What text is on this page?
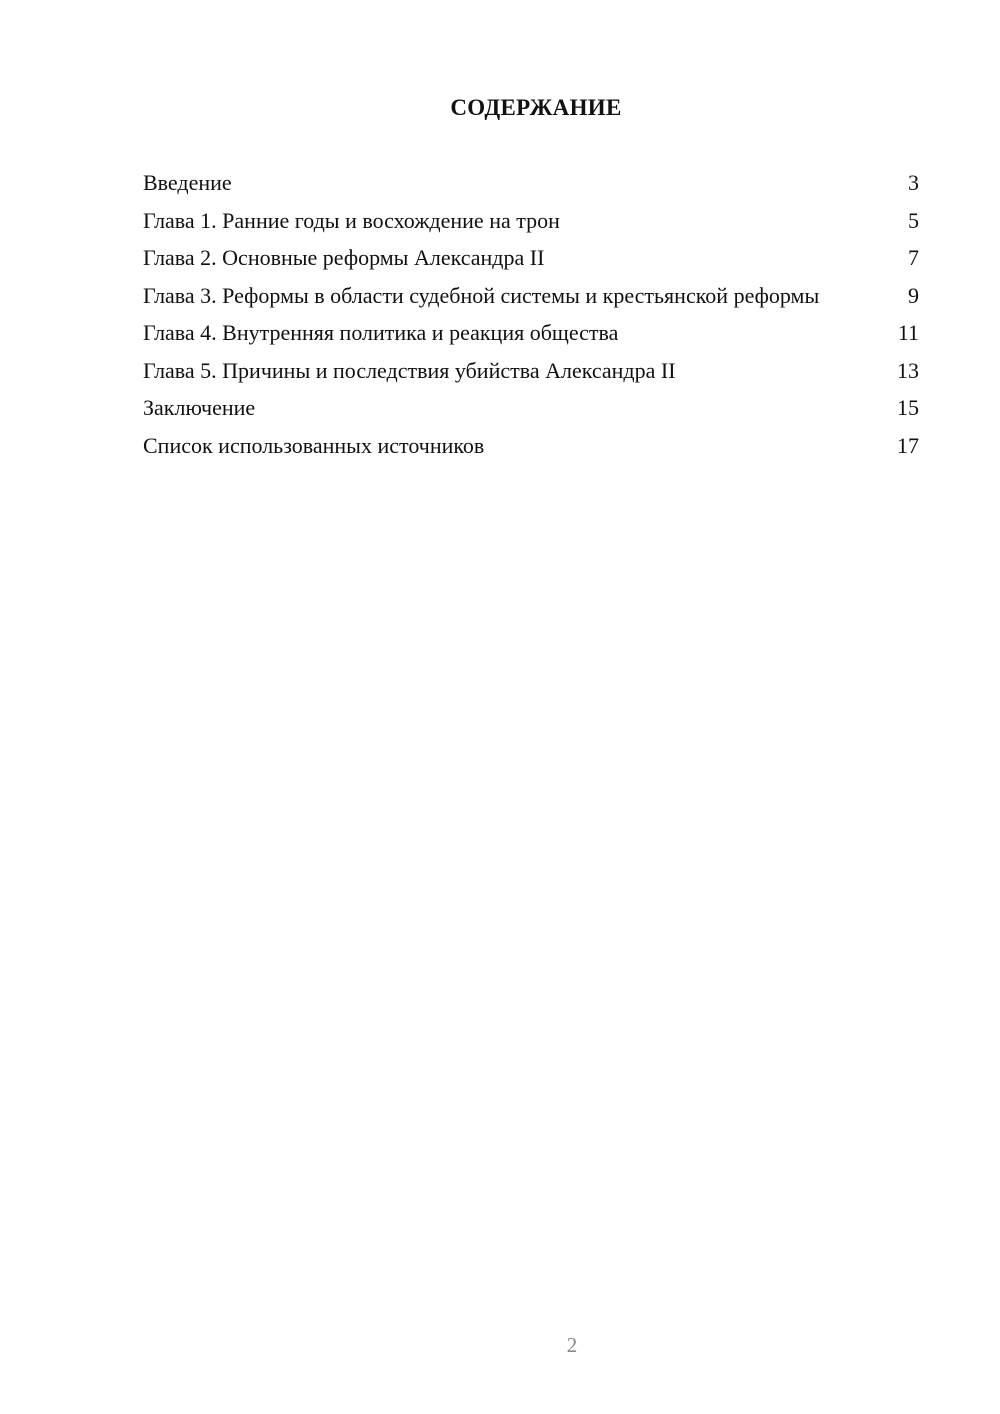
СОДЕРЖАНИЕ
Введение	3
Глава 1. Ранние годы и восхождение на трон	5
Глава 2. Основные реформы Александра II	7
Глава 3. Реформы в области судебной системы и крестьянской реформы	9
Глава 4. Внутренняя политика и реакция общества	11
Глава 5. Причины и последствия убийства Александра II	13
Заключение	15
Список использованных источников	17
2
